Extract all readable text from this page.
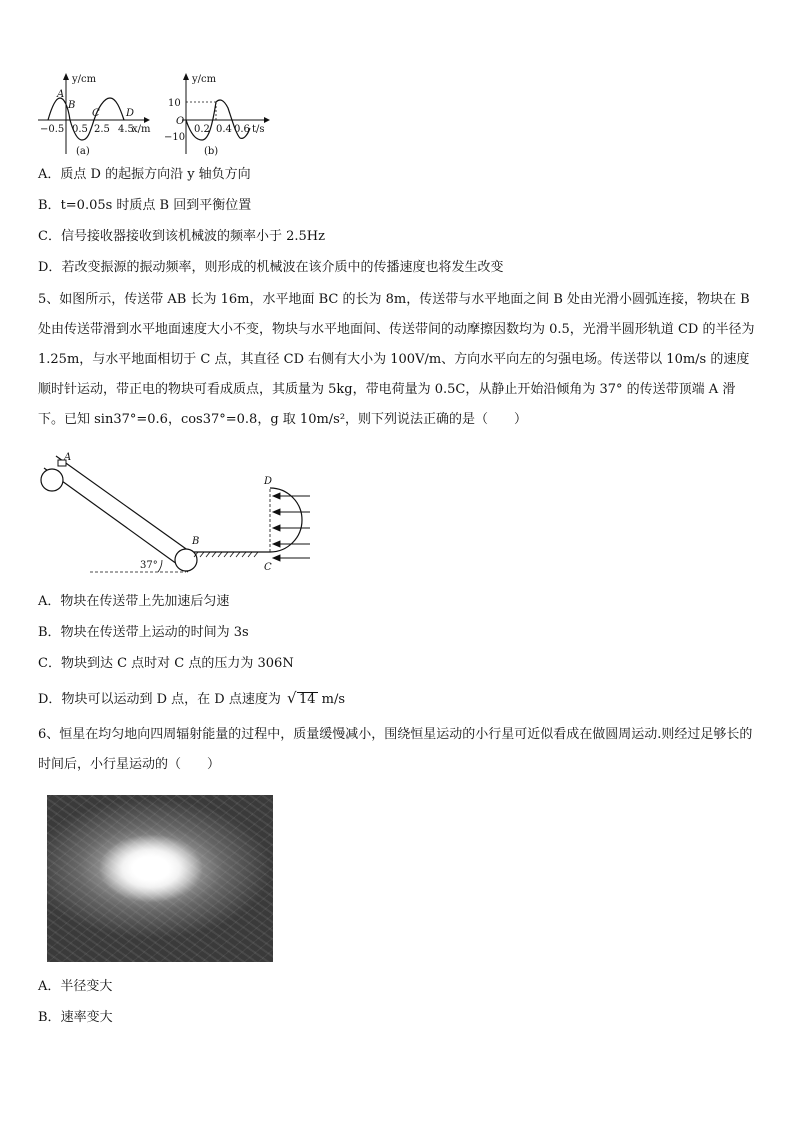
y/cm
x/m
−0.5 0.5 2.5 4.5
A
B
C	D
(a)
y/cm
t/s
10
−10
0.2 0.4 0.6
O
(b)
A．质点 D 的起振方向沿 y 轴负方向
B．t=0.05s 时质点 B 回到平衡位置
C．信号接收器接收到该机械波的频率小于 2.5Hz
D．若改变振源的振动频率，则形成的机械波在该介质中的传播速度也将发生改变
5、如图所示，传送带 AB 长为 16m，水平地面 BC 的长为 8m，传送带与水平地面之间 B 处由光滑小圆弧连接，物块在 B 处由传送带滑到水平地面速度大小不变，物块与水平地面间、传送带间的动摩擦因数均为 0.5，光滑半圆形轨道 CD 的半径为 1.25m，与水平地面相切于 C 点，其直径 CD 右侧有大小为 100V/m、方向水平向左的匀强电场。传送带以 10m/s 的速度顺时针运动，带正电的物块可看成质点，其质量为 5kg，带电荷量为 0.5C，从静止开始沿倾角为 37° 的传送带顶端 A 滑下。已知 sin37°=0.6，cos37°=0.8，g 取 10m/s²，则下列说法正确的是（　　）
A
B
C
D
37°
A．物块在传送带上先加速后匀速
B．物块在传送带上运动的时间为 3s
C．物块到达 C 点时对 C 点的压力为 306N
D．物块可以运动到 D 点，在 D 点速度为 √ 14 m/s
6、恒星在均匀地向四周辐射能量的过程中，质量缓慢减小，围绕恒星运动的小行星可近似看成在做圆周运动.则经过足够长的时间后，小行星运动的（　　）
A．半径变大
B．速率变大
